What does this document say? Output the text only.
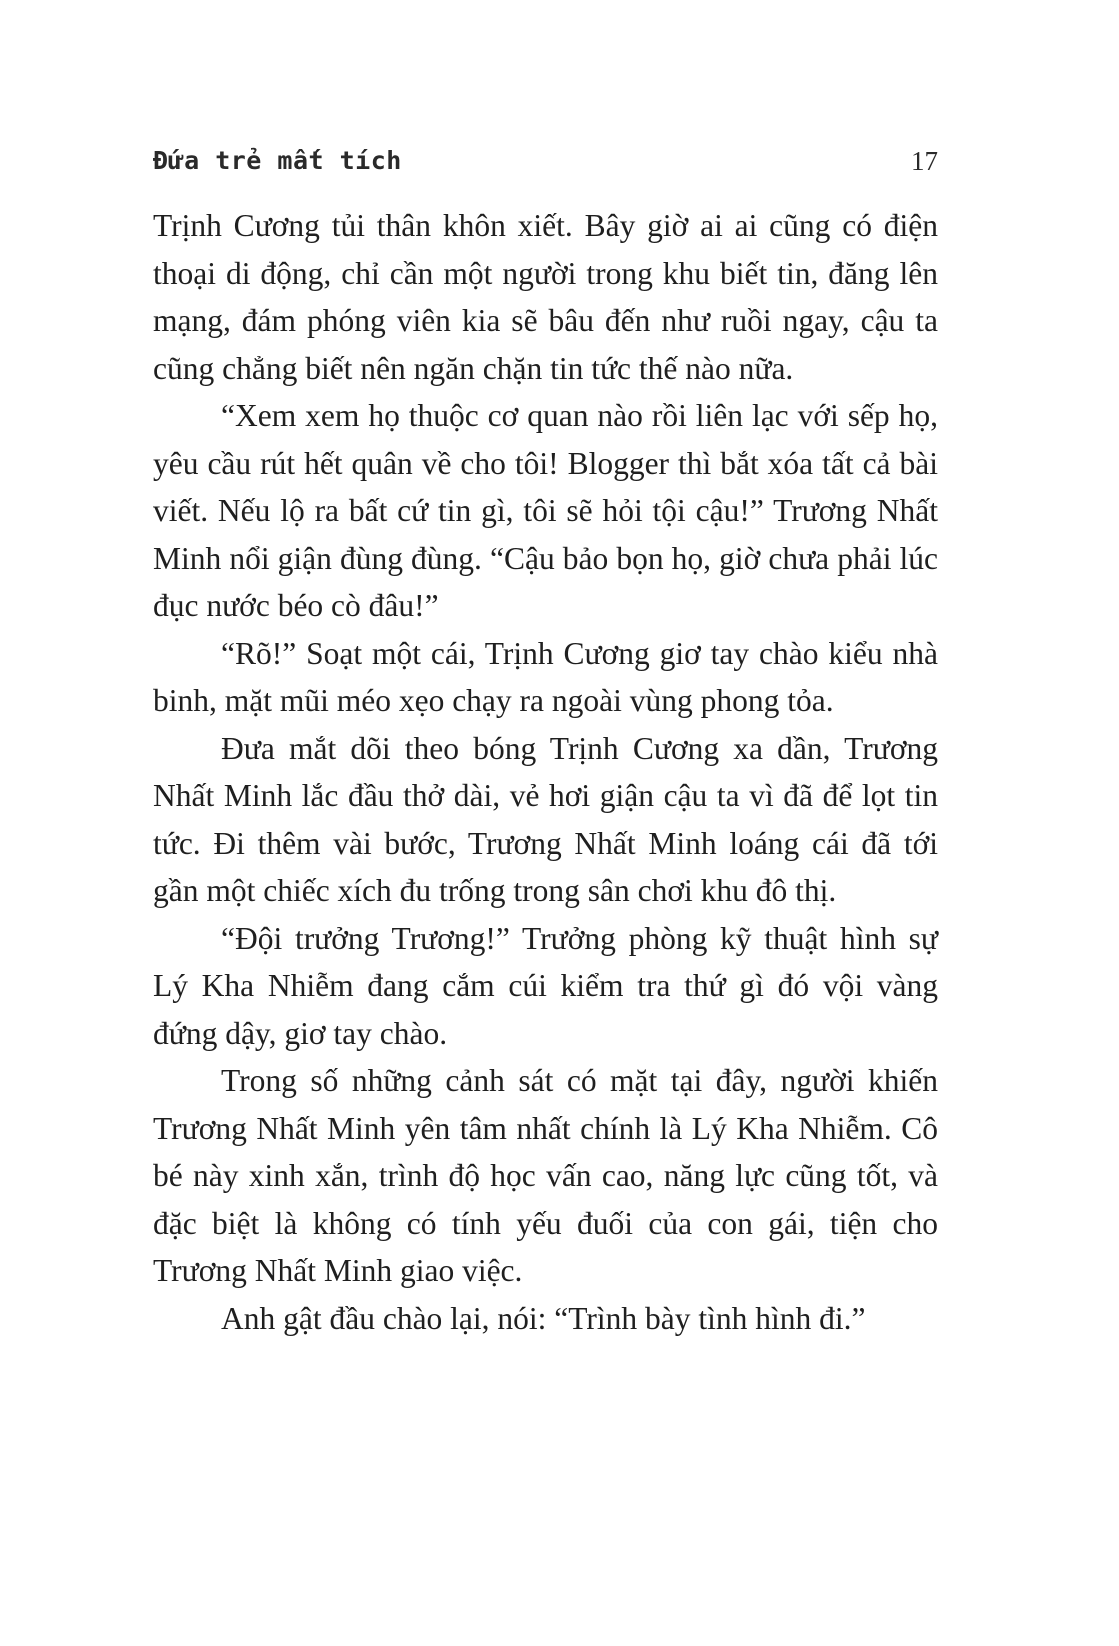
Đứa trẻ mất tích	17

Trịnh Cương tủi thân khôn xiết. Bây giờ ai ai cũng có điện thoại di động, chỉ cần một người trong khu biết tin, đăng lên mạng, đám phóng viên kia sẽ bâu đến như ruồi ngay, cậu ta cũng chẳng biết nên ngăn chặn tin tức thế nào nữa.

“Xem xem họ thuộc cơ quan nào rồi liên lạc với sếp họ, yêu cầu rút hết quân về cho tôi! Blogger thì bắt xóa tất cả bài viết. Nếu lộ ra bất cứ tin gì, tôi sẽ hỏi tội cậu!” Trương Nhất Minh nổi giận đùng đùng. “Cậu bảo bọn họ, giờ chưa phải lúc đục nước béo cò đâu!”

“Rõ!” Soạt một cái, Trịnh Cương giơ tay chào kiểu nhà binh, mặt mũi méo xẹo chạy ra ngoài vùng phong tỏa.

Đưa mắt dõi theo bóng Trịnh Cương xa dần, Trương Nhất Minh lắc đầu thở dài, vẻ hơi giận cậu ta vì đã để lọt tin tức. Đi thêm vài bước, Trương Nhất Minh loáng cái đã tới gần một chiếc xích đu trống trong sân chơi khu đô thị.

“Đội trưởng Trương!” Trưởng phòng kỹ thuật hình sự Lý Kha Nhiễm đang cắm cúi kiểm tra thứ gì đó vội vàng đứng dậy, giơ tay chào.

Trong số những cảnh sát có mặt tại đây, người khiến Trương Nhất Minh yên tâm nhất chính là Lý Kha Nhiễm. Cô bé này xinh xắn, trình độ học vấn cao, năng lực cũng tốt, và đặc biệt là không có tính yếu đuối của con gái, tiện cho Trương Nhất Minh giao việc.

Anh gật đầu chào lại, nói: “Trình bày tình hình đi.”
